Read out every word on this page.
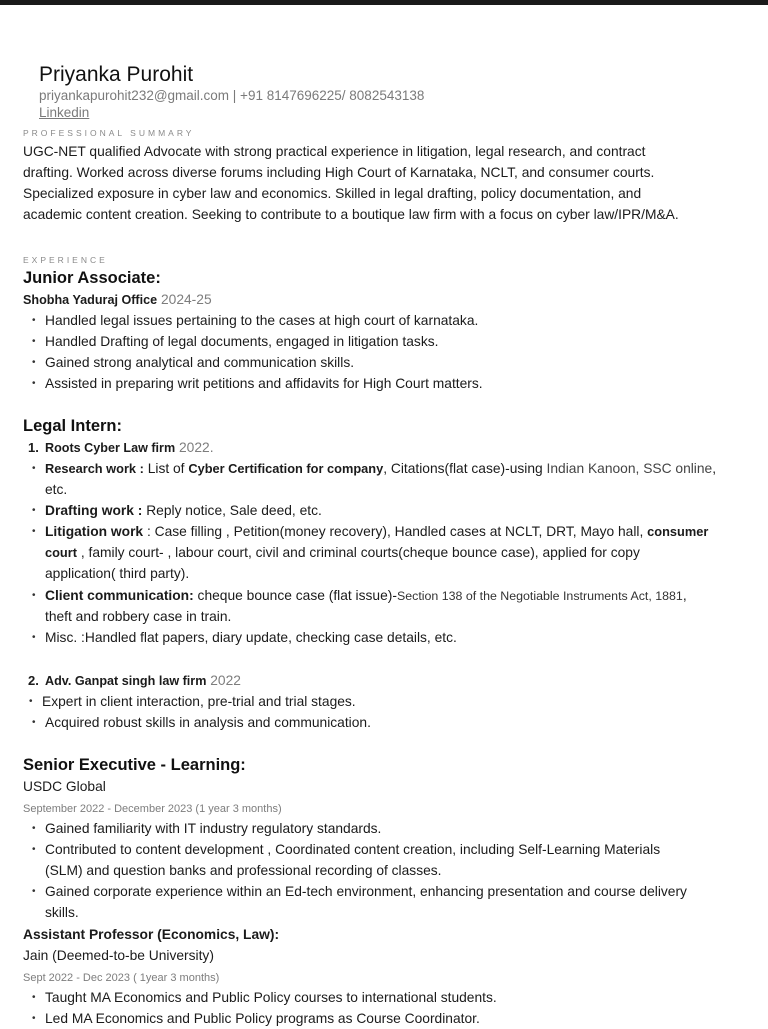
Priyanka Purohit
priyankapurohit232@gmail.com | +91 8147696225/ 8082543138
Linkedin
PROFESSIONAL SUMMARY
UGC-NET qualified Advocate with strong practical experience in litigation, legal research, and contract
drafting. Worked across diverse forums including High Court of Karnataka, NCLT, and consumer courts.
Specialized exposure in cyber law and economics. Skilled in legal drafting, policy documentation, and
academic content creation. Seeking to contribute to a boutique law firm with a focus on cyber law/IPR/M&A.
EXPERIENCE
Junior Associate:
Shobha Yaduraj Office 2024-25
• Handled legal issues pertaining to the cases at high court of karnataka.
• Handled Drafting of legal documents, engaged in litigation tasks.
• Gained strong analytical and communication skills.
• Assisted in preparing writ petitions and affidavits for High Court matters.
Legal Intern:
1. Roots Cyber Law firm 2022.
• Research work : List of Cyber Certification for company, Citations(flat case)-using Indian Kanoon, SSC online,
etc.
• Drafting work : Reply notice, Sale deed, etc.
• Litigation work : Case filling , Petition(money recovery), Handled cases at NCLT, DRT, Mayo hall, consumer
court , family court- , labour court, civil and criminal courts(cheque bounce case), applied for copy
application( third party).
• Client communication: cheque bounce case (flat issue)-Section 138 of the Negotiable Instruments Act, 1881,
theft and robbery case in train.
• Misc. :Handled flat papers, diary update, checking case details, etc.
2. Adv. Ganpat singh law firm 2022
• Expert in client interaction, pre-trial and trial stages.
• Acquired robust skills in analysis and communication.
Senior Executive - Learning:
USDC Global
September 2022 - December 2023 (1 year 3 months)
• Gained familiarity with IT industry regulatory standards.
• Contributed to content development , Coordinated content creation, including Self-Learning Materials
(SLM) and question banks and professional recording of classes.
• Gained corporate experience within an Ed-tech environment, enhancing presentation and course delivery
skills.
Assistant Professor (Economics, Law):
Jain (Deemed-to-be University)
Sept 2022 - Dec 2023 ( 1year 3 months)
• Taught MA Economics and Public Policy courses to international students.
• Led MA Economics and Public Policy programs as Course Coordinator.
